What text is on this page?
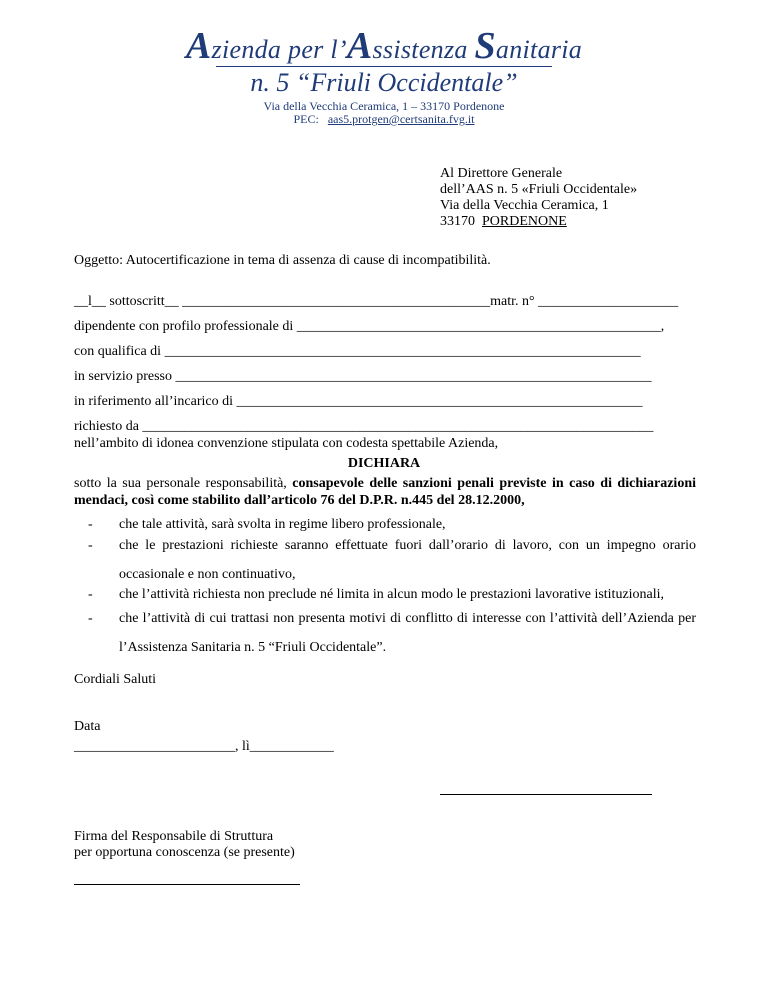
Azienda per l’Assistenza Sanitaria
n. 5 “Friuli Occidentale”
Via della Vecchia Ceramica, 1 – 33170 Pordenone
PEC: aas5.protgen@certsanita.fvg.it
Al Direttore Generale
dell’AAS n. 5 «Friuli Occidentale»
Via della Vecchia Ceramica, 1
33170 PORDENONE
Oggetto: Autocertificazione in tema di assenza di cause di incompatibilità.
__l__ sottoscritt__ ____________________________________________matr. n° ____________________
dipendente con profilo professionale di ____________________________________________________,
con qualifica di ____________________________________________________________________
in servizio presso ____________________________________________________________________
in riferimento all’incarico di __________________________________________________________
richiesto da _________________________________________________________________________
nell’ambito di idonea convenzione stipulata con codesta spettabile Azienda,
DICHIARA
sotto la sua personale responsabilità, consapevole delle sanzioni penali previste in caso di dichiarazioni mendaci, così come stabilito dall’articolo 76 del D.P.R. n.445 del 28.12.2000,
- che tale attività, sarà svolta in regime libero professionale,
- che le prestazioni richieste saranno effettuate fuori dall’orario di lavoro, con un impegno orario occasionale e non continuativo,
- che l’attività richiesta non preclude né limita in alcun modo le prestazioni lavorative istituzionali,
- che l’attività di cui trattasi non presenta motivi di conflitto di interesse con l’attività dell’Azienda per l’Assistenza Sanitaria n. 5 “Friuli Occidentale”.
Cordiali Saluti
Data
_______________________, lì____________
Firma del Responsabile di Struttura
per opportuna conoscenza (se presente)
